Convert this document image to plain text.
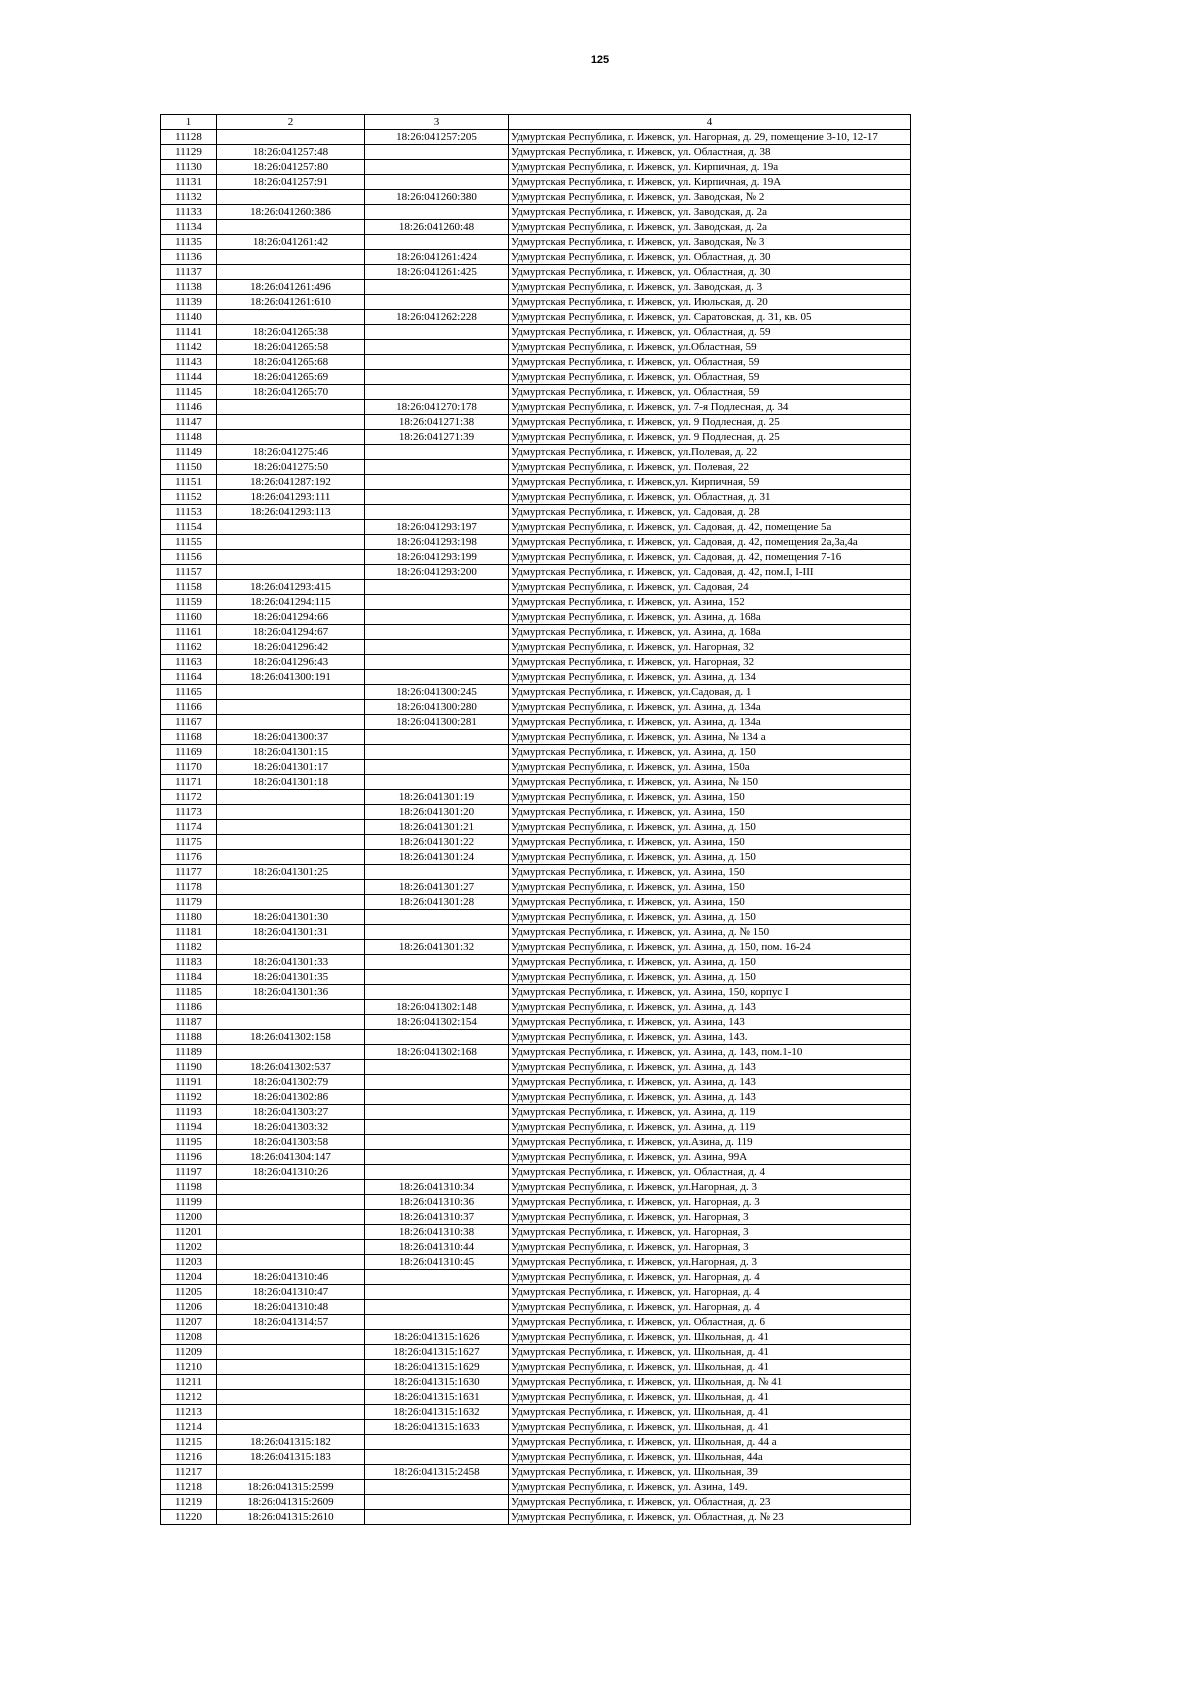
125
1	2	3	4
11128		18:26:041257:205	Удмуртская Республика, г. Ижевск, ул. Нагорная, д. 29, помещение 3-10, 12-17
11129	18:26:041257:48		Удмуртская Республика, г. Ижевск, ул. Областная, д. 38
11130	18:26:041257:80		Удмуртская Республика, г. Ижевск, ул. Кирпичная, д. 19а
11131	18:26:041257:91		Удмуртская Республика, г. Ижевск, ул. Кирпичная, д. 19А
11132		18:26:041260:380	Удмуртская Республика, г. Ижевск, ул. Заводская, № 2
11133	18:26:041260:386		Удмуртская Республика, г. Ижевск, ул. Заводская, д. 2а
11134		18:26:041260:48	Удмуртская Республика, г. Ижевск, ул. Заводская, д. 2а
11135	18:26:041261:42		Удмуртская Республика, г. Ижевск, ул. Заводская, № 3
11136		18:26:041261:424	Удмуртская Республика, г. Ижевск, ул. Областная, д. 30
11137		18:26:041261:425	Удмуртская Республика, г. Ижевск, ул. Областная, д. 30
11138	18:26:041261:496		Удмуртская Республика, г. Ижевск, ул. Заводская, д. 3
11139	18:26:041261:610		Удмуртская Республика, г. Ижевск, ул. Июльская, д. 20
11140		18:26:041262:228	Удмуртская Республика, г. Ижевск, ул. Саратовская, д. 31, кв. 05
11141	18:26:041265:38		Удмуртская Республика, г. Ижевск, ул. Областная, д. 59
11142	18:26:041265:58		Удмуртская Республика, г. Ижевск, ул.Областная, 59
11143	18:26:041265:68		Удмуртская Республика, г. Ижевск, ул. Областная, 59
11144	18:26:041265:69		Удмуртская Республика, г. Ижевск, ул. Областная, 59
11145	18:26:041265:70		Удмуртская Республика, г. Ижевск, ул. Областная, 59
11146		18:26:041270:178	Удмуртская Республика, г. Ижевск, ул. 7-я Подлесная, д. 34
11147		18:26:041271:38	Удмуртская Республика, г. Ижевск, ул. 9 Подлесная, д. 25
11148		18:26:041271:39	Удмуртская Республика, г. Ижевск, ул. 9 Подлесная, д. 25
11149	18:26:041275:46		Удмуртская Республика, г. Ижевск, ул.Полевая, д. 22
11150	18:26:041275:50		Удмуртская Республика, г. Ижевск, ул. Полевая, 22
11151	18:26:041287:192		Удмуртская Республика, г. Ижевск,ул. Кирпичная, 59
11152	18:26:041293:111		Удмуртская Республика, г. Ижевск, ул. Областная, д. 31
11153	18:26:041293:113		Удмуртская Республика, г. Ижевск, ул. Садовая, д. 28
11154		18:26:041293:197	Удмуртская Республика, г. Ижевск, ул. Садовая, д. 42, помещение 5а
11155		18:26:041293:198	Удмуртская Республика, г. Ижевск, ул. Садовая, д. 42, помещения 2а,3а,4а
11156		18:26:041293:199	Удмуртская Республика, г. Ижевск, ул. Садовая, д. 42, помещения 7-16
11157		18:26:041293:200	Удмуртская Республика, г. Ижевск, ул. Садовая, д. 42, пом.I, I-III
11158	18:26:041293:415		Удмуртская Республика, г. Ижевск, ул. Садовая, 24
11159	18:26:041294:115		Удмуртская Республика, г. Ижевск, ул. Азина, 152
11160	18:26:041294:66		Удмуртская Республика, г. Ижевск, ул. Азина, д. 168а
11161	18:26:041294:67		Удмуртская Республика, г. Ижевск, ул. Азина, д. 168а
11162	18:26:041296:42		Удмуртская Республика, г. Ижевск, ул. Нагорная, 32
11163	18:26:041296:43		Удмуртская Республика, г. Ижевск, ул. Нагорная, 32
11164	18:26:041300:191		Удмуртская Республика, г. Ижевск, ул. Азина, д. 134
11165		18:26:041300:245	Удмуртская Республика, г. Ижевск, ул.Садовая, д. 1
11166		18:26:041300:280	Удмуртская Республика, г. Ижевск, ул. Азина, д. 134а
11167		18:26:041300:281	Удмуртская Республика, г. Ижевск, ул. Азина, д. 134а
11168	18:26:041300:37		Удмуртская Республика, г. Ижевск, ул. Азина, № 134 а
11169	18:26:041301:15		Удмуртская Республика, г. Ижевск, ул. Азина, д. 150
11170	18:26:041301:17		Удмуртская Республика, г. Ижевск, ул. Азина, 150а
11171	18:26:041301:18		Удмуртская Республика, г. Ижевск, ул. Азина, № 150
11172		18:26:041301:19	Удмуртская Республика, г. Ижевск, ул. Азина, 150
11173		18:26:041301:20	Удмуртская Республика, г. Ижевск, ул. Азина, 150
11174		18:26:041301:21	Удмуртская Республика, г. Ижевск, ул. Азина, д. 150
11175		18:26:041301:22	Удмуртская Республика, г. Ижевск, ул. Азина, 150
11176		18:26:041301:24	Удмуртская Республика, г. Ижевск, ул. Азина, д. 150
11177	18:26:041301:25		Удмуртская Республика, г. Ижевск, ул. Азина, 150
11178		18:26:041301:27	Удмуртская Республика, г. Ижевск, ул. Азина, 150
11179		18:26:041301:28	Удмуртская Республика, г. Ижевск, ул. Азина, 150
11180	18:26:041301:30		Удмуртская Республика, г. Ижевск, ул. Азина, д. 150
11181	18:26:041301:31		Удмуртская Республика, г. Ижевск, ул. Азина, д. № 150
11182		18:26:041301:32	Удмуртская Республика, г. Ижевск, ул. Азина, д. 150, пом. 16-24
11183	18:26:041301:33		Удмуртская Республика, г. Ижевск, ул. Азина, д. 150
11184	18:26:041301:35		Удмуртская Республика, г. Ижевск, ул. Азина, д. 150
11185	18:26:041301:36		Удмуртская Республика, г. Ижевск, ул. Азина, 150, корпус I
11186		18:26:041302:148	Удмуртская Республика, г. Ижевск, ул. Азина, д. 143
11187		18:26:041302:154	Удмуртская Республика, г. Ижевск, ул. Азина, 143
11188	18:26:041302:158		Удмуртская Республика, г. Ижевск, ул. Азина, 143.
11189		18:26:041302:168	Удмуртская Республика, г. Ижевск, ул. Азина, д. 143, пом.1-10
11190	18:26:041302:537		Удмуртская Республика, г. Ижевск, ул. Азина, д. 143
11191	18:26:041302:79		Удмуртская Республика, г. Ижевск, ул. Азина, д. 143
11192	18:26:041302:86		Удмуртская Республика, г. Ижевск, ул. Азина, д. 143
11193	18:26:041303:27		Удмуртская Республика, г. Ижевск, ул. Азина, д. 119
11194	18:26:041303:32		Удмуртская Республика, г. Ижевск, ул. Азина, д. 119
11195	18:26:041303:58		Удмуртская Республика, г. Ижевск, ул.Азина, д. 119
11196	18:26:041304:147		Удмуртская Республика, г. Ижевск, ул. Азина, 99А
11197	18:26:041310:26		Удмуртская Республика, г. Ижевск, ул. Областная, д. 4
11198		18:26:041310:34	Удмуртская Республика, г. Ижевск, ул.Нагорная, д. 3
11199		18:26:041310:36	Удмуртская Республика, г. Ижевск, ул. Нагорная, д. 3
11200		18:26:041310:37	Удмуртская Республика, г. Ижевск, ул. Нагорная, 3
11201		18:26:041310:38	Удмуртская Республика, г. Ижевск, ул. Нагорная, 3
11202		18:26:041310:44	Удмуртская Республика, г. Ижевск, ул. Нагорная, 3
11203		18:26:041310:45	Удмуртская Республика, г. Ижевск, ул.Нагорная, д. 3
11204	18:26:041310:46		Удмуртская Республика, г. Ижевск, ул. Нагорная, д. 4
11205	18:26:041310:47		Удмуртская Республика, г. Ижевск, ул. Нагорная, д. 4
11206	18:26:041310:48		Удмуртская Республика, г. Ижевск, ул. Нагорная, д. 4
11207	18:26:041314:57		Удмуртская Республика, г. Ижевск, ул. Областная, д. 6
11208		18:26:041315:1626	Удмуртская Республика, г. Ижевск, ул. Школьная, д. 41
11209		18:26:041315:1627	Удмуртская Республика, г. Ижевск, ул. Школьная, д. 41
11210		18:26:041315:1629	Удмуртская Республика, г. Ижевск, ул. Школьная, д. 41
11211		18:26:041315:1630	Удмуртская Республика, г. Ижевск, ул. Школьная, д. № 41
11212		18:26:041315:1631	Удмуртская Республика, г. Ижевск, ул. Школьная, д. 41
11213		18:26:041315:1632	Удмуртская Республика, г. Ижевск, ул. Школьная, д. 41
11214		18:26:041315:1633	Удмуртская Республика, г. Ижевск, ул. Школьная, д. 41
11215	18:26:041315:182		Удмуртская Республика, г. Ижевск, ул. Школьная, д. 44 а
11216	18:26:041315:183		Удмуртская Республика, г. Ижевск, ул. Школьная, 44а
11217		18:26:041315:2458	Удмуртская Республика, г. Ижевск, ул. Школьная, 39
11218	18:26:041315:2599		Удмуртская Республика, г. Ижевск, ул. Азина, 149.
11219	18:26:041315:2609		Удмуртская Республика, г. Ижевск, ул. Областная, д. 23
11220	18:26:041315:2610		Удмуртская Республика, г. Ижевск, ул. Областная, д. № 23
